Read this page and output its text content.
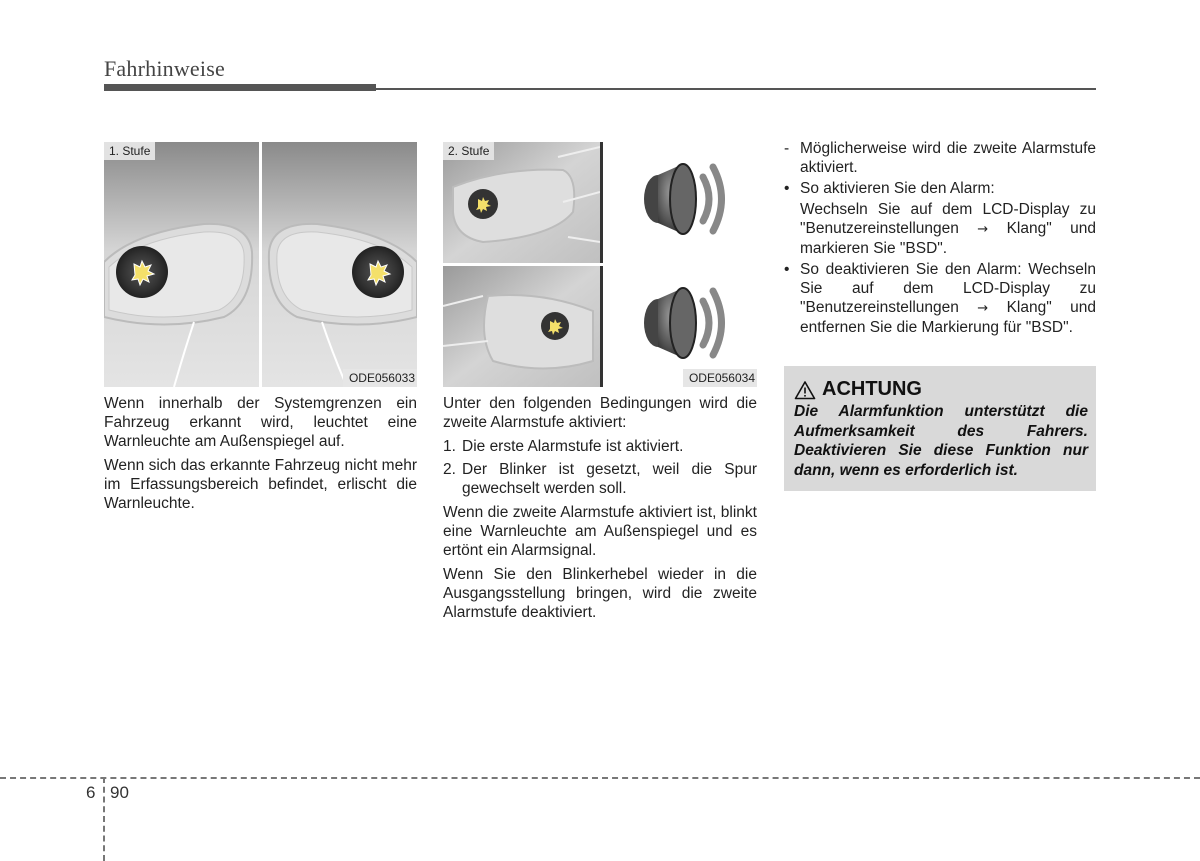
Fahrhinweise
1. Stufe
ODE056033
2. Stufe
ODE056034

Wenn innerhalb der Systemgrenzen ein Fahrzeug erkannt wird, leuchtet eine Warnleuchte am Außenspiegel auf.

Wenn sich das erkannte Fahrzeug nicht mehr im Erfassungsbereich befindet, erlischt die Warnleuchte.

Unter den folgenden Bedingungen wird die zweite Alarmstufe aktiviert:

1. Die erste Alarmstufe ist aktiviert.
2. Der Blinker ist gesetzt, weil die Spur gewechselt werden soll.

Wenn die zweite Alarmstufe aktiviert ist, blinkt eine Warnleuchte am Außenspiegel und es ertönt ein Alarmsignal.

Wenn Sie den Blinkerhebel wieder in die Ausgangsstellung bringen, wird die zweite Alarmstufe deaktiviert.

- Möglicherweise wird die zweite Alarmstufe aktiviert.
• So aktivieren Sie den Alarm:
Wechseln Sie auf dem LCD-Display zu "Benutzereinstellungen → Klang" und markieren Sie "BSD".
• So deaktivieren Sie den Alarm: Wechseln Sie auf dem LCD-Display zu "Benutzereinstellungen → Klang" und entfernen Sie die Markierung für "BSD".
ACHTUNG
Die Alarmfunktion unterstützt die Aufmerksamkeit des Fahrers. Deaktivieren Sie diese Funktion nur dann, wenn es erforderlich ist.
6 90
